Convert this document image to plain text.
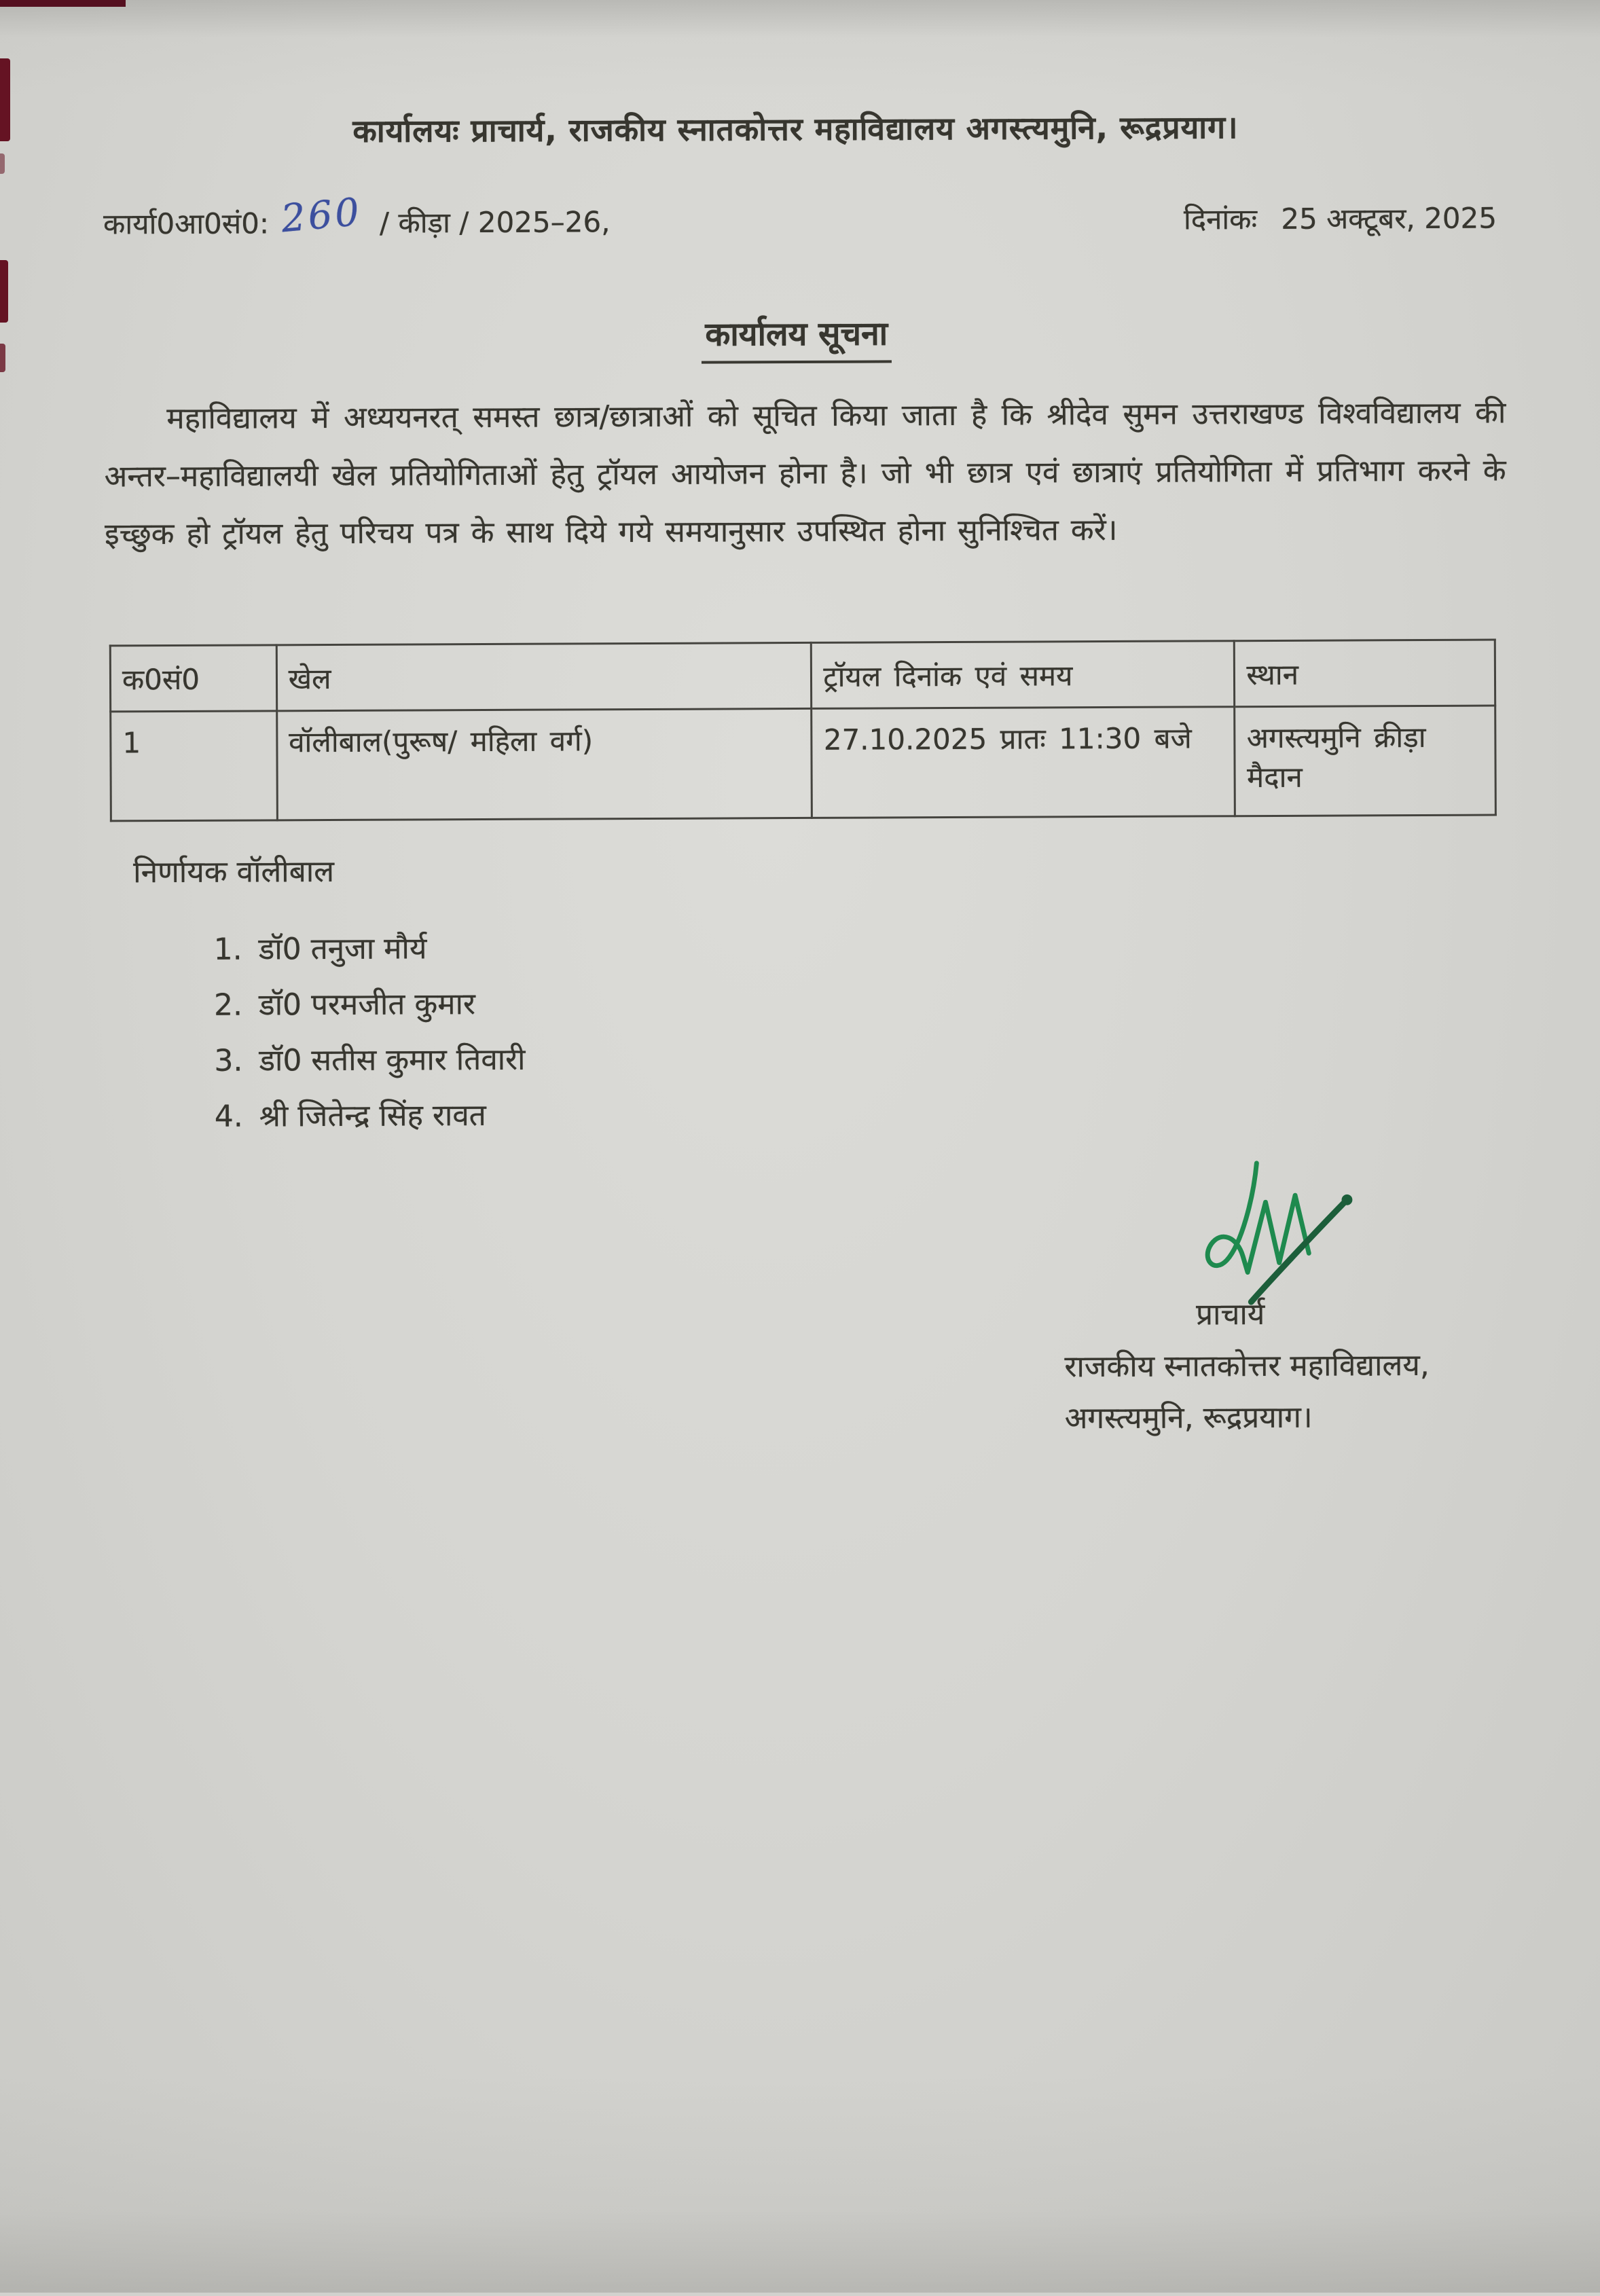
कार्यालयः प्राचार्य, राजकीय स्नातकोत्तर महाविद्यालय अगस्त्यमुनि, रूद्रप्रयाग।
कार्या0आ0सं0: 260 / कीड़ा / 2025–26,	दिनांकः 25 अक्टूबर, 2025
कार्यालय सूचना

महाविद्यालय में अध्ययनरत् समस्त छात्र/छात्राओं को सूचित किया जाता है कि श्रीदेव सुमन उत्तराखण्ड विश्वविद्यालय की अन्तर–महाविद्यालयी खेल प्रतियोगिताओं हेतु ट्रॉयल आयोजन होना है। जो भी छात्र एवं छात्राएं प्रतियोगिता में प्रतिभाग करने के इच्छुक हो ट्रॉयल हेतु परिचय पत्र के साथ दिये गये समयानुसार उपस्थित होना सुनिश्चित करें।

क0सं0	खेल	ट्रॉयल दिनांक एवं समय	स्थान
1	वॉलीबाल(पुरूष/ महिला वर्ग)	27.10.2025 प्रातः 11:30 बजे	अगस्त्यमुनि क्रीड़ा मैदान
निर्णायक वॉलीबाल
1. डॉ0 तनुजा मौर्य
2. डॉ0 परमजीत कुमार
3. डॉ0 सतीस कुमार तिवारी
4. श्री जितेन्द्र सिंह रावत
प्राचार्य
राजकीय स्नातकोत्तर महाविद्यालय,
अगस्त्यमुनि, रूद्रप्रयाग।
